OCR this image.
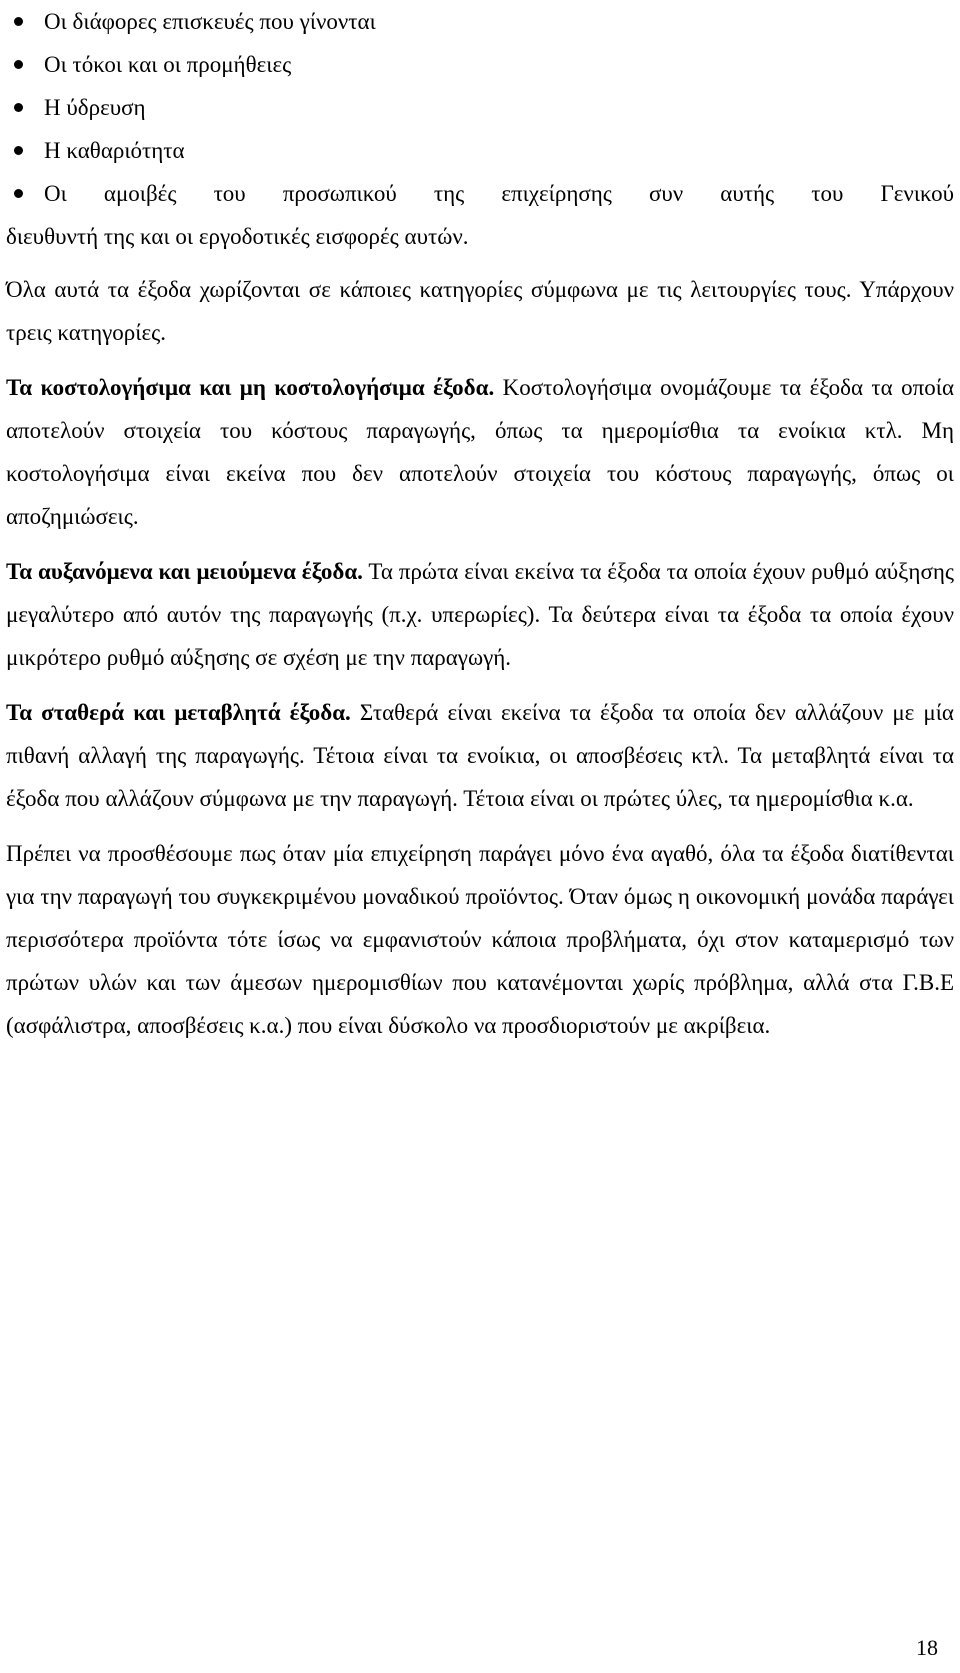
Οι διάφορες επισκευές που γίνονται
Οι τόκοι και οι προμήθειες
Η ύδρευση
Η καθαριότητα
Οι αμοιβές του προσωπικού της επιχείρησης συν αυτής του Γενικού
διευθυντή της και οι εργοδοτικές εισφορές αυτών.

Όλα αυτά τα έξοδα χωρίζονται σε κάποιες κατηγορίες σύμφωνα με τις λειτουργίες τους. Υπάρχουν τρεις κατηγορίες.

Τα κοστολογήσιμα και μη κοστολογήσιμα έξοδα. Κοστολογήσιμα ονομάζουμε τα έξοδα τα οποία αποτελούν στοιχεία του κόστους παραγωγής, όπως τα ημερομίσθια τα ενοίκια κτλ. Μη κοστολογήσιμα είναι εκείνα που δεν αποτελούν στοιχεία του κόστους παραγωγής, όπως οι αποζημιώσεις.

Τα αυξανόμενα και μειούμενα έξοδα. Τα πρώτα είναι εκείνα τα έξοδα τα οποία έχουν ρυθμό αύξησης μεγαλύτερο από αυτόν της παραγωγής (π.χ. υπερωρίες). Τα δεύτερα είναι τα έξοδα τα οποία έχουν μικρότερο ρυθμό αύξησης σε σχέση με την παραγωγή.

Τα σταθερά και μεταβλητά έξοδα. Σταθερά είναι εκείνα τα έξοδα τα οποία δεν αλλάζουν με μία πιθανή αλλαγή της παραγωγής. Τέτοια είναι τα ενοίκια, οι αποσβέσεις κτλ. Τα μεταβλητά είναι τα έξοδα που αλλάζουν σύμφωνα με την παραγωγή. Τέτοια είναι οι πρώτες ύλες, τα ημερομίσθια κ.α.

Πρέπει να προσθέσουμε πως όταν μία επιχείρηση παράγει μόνο ένα αγαθό, όλα τα έξοδα διατίθενται για την παραγωγή του συγκεκριμένου μοναδικού προϊόντος. Όταν όμως η οικονομική μονάδα παράγει περισσότερα προϊόντα τότε ίσως να εμφανιστούν κάποια προβλήματα, όχι στον καταμερισμό των πρώτων υλών και των άμεσων ημερομισθίων που κατανέμονται χωρίς πρόβλημα, αλλά στα Γ.Β.Ε (ασφάλιστρα, αποσβέσεις κ.α.) που είναι δύσκολο να προσδιοριστούν με ακρίβεια.

18
